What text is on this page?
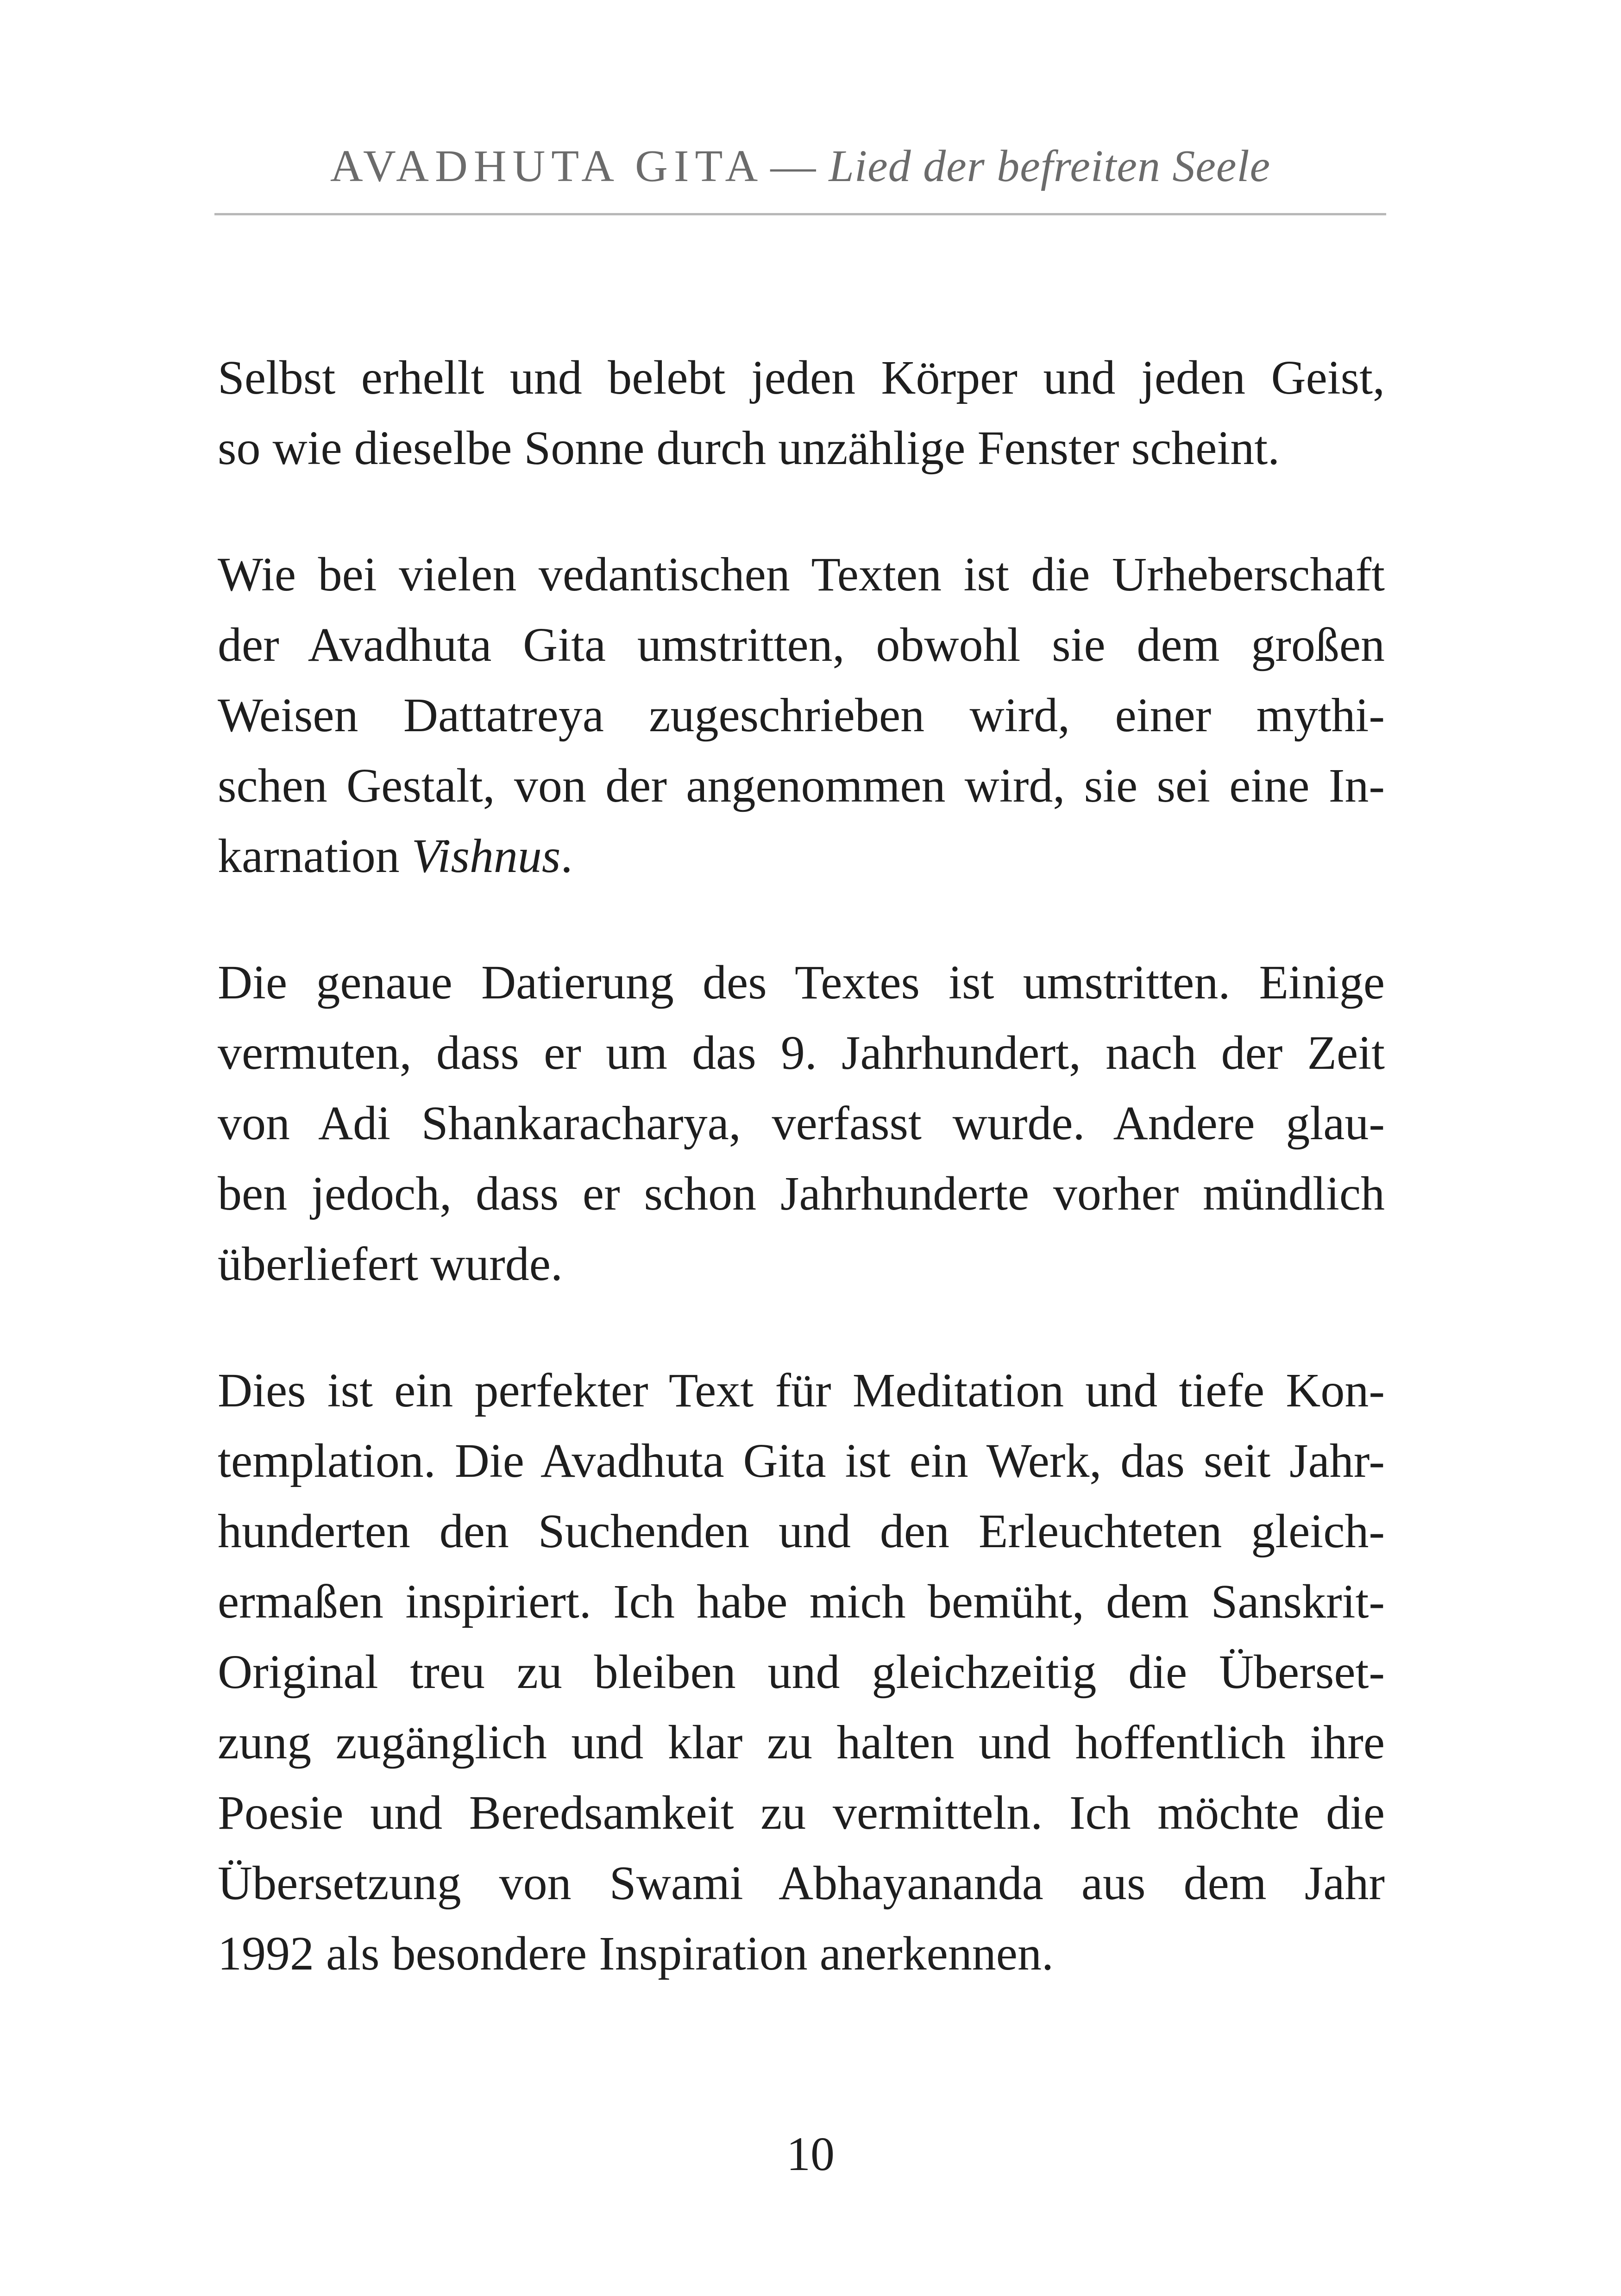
AVADHUTA GITA — Lied der befreiten Seele
Selbst erhellt und belebt jeden Körper und jeden Geist,
so wie dieselbe Sonne durch unzählige Fenster scheint.
Wie bei vielen vedantischen Texten ist die Urheberschaft
der Avadhuta Gita umstritten, obwohl sie dem großen
Weisen Dattatreya zugeschrieben wird, einer mythi-
schen Gestalt, von der angenommen wird, sie sei eine In-
karnation Vishnus.
Die genaue Datierung des Textes ist umstritten. Einige
vermuten, dass er um das 9. Jahrhundert, nach der Zeit
von Adi Shankaracharya, verfasst wurde. Andere glau-
ben jedoch, dass er schon Jahrhunderte vorher mündlich
überliefert wurde.
Dies ist ein perfekter Text für Meditation und tiefe Kon-
templation. Die Avadhuta Gita ist ein Werk, das seit Jahr-
hunderten den Suchenden und den Erleuchteten gleich-
ermaßen inspiriert. Ich habe mich bemüht, dem Sanskrit-
Original treu zu bleiben und gleichzeitig die Überset-
zung zugänglich und klar zu halten und hoffentlich ihre
Poesie und Beredsamkeit zu vermitteln. Ich möchte die
Übersetzung von Swami Abhayananda aus dem Jahr
1992 als besondere Inspiration anerkennen.
10
